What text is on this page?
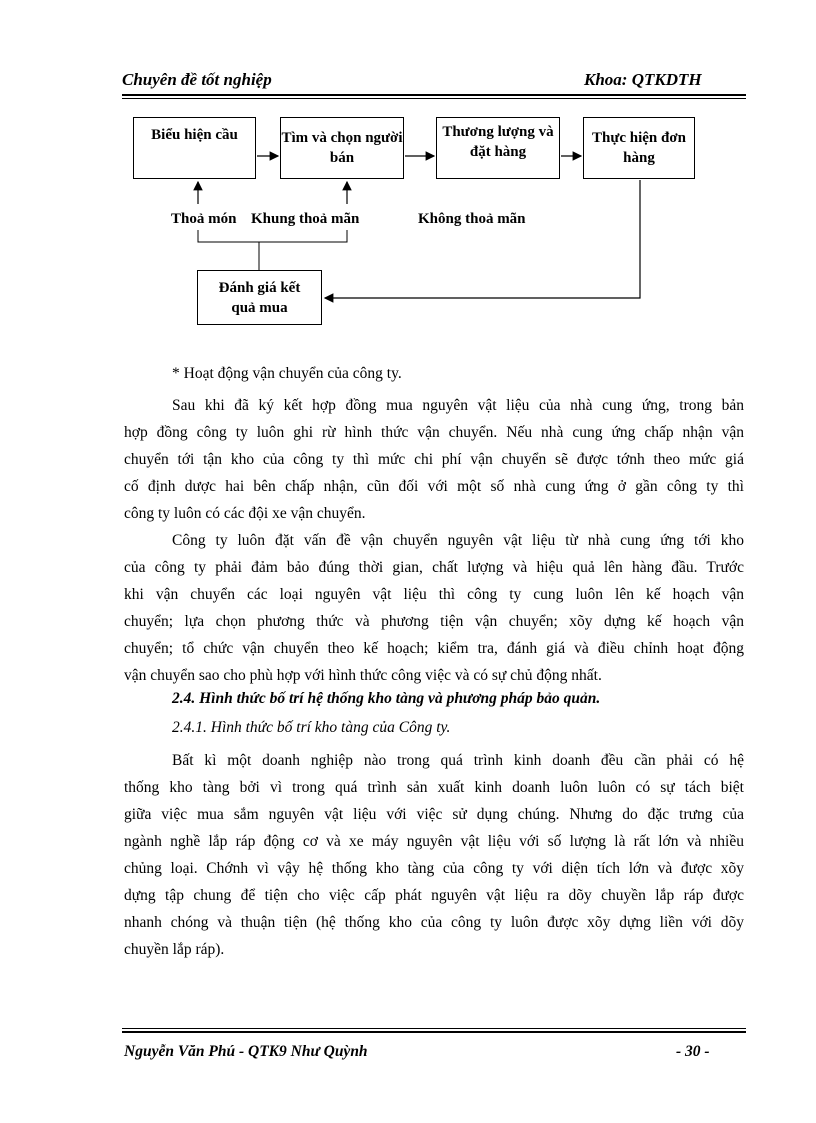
Chuyên đề tốt nghiệp	Khoa: QTKDTH
Biểu hiện cầu	Tìm và chọn người bán
Thương lượng và đặt hàng
Thực hiện đơn hàng
Đánh giá kết quả mua
Thoả món Khung thoả mãn	Không thoả mãn
* Hoạt động vận chuyển của công ty.
Sau khi đã ký kết hợp đồng mua nguyên vật liệu của nhà cung ứng, trong bản
hợp đồng công ty luôn ghi rừ hình thức vận chuyển. Nếu nhà cung ứng chấp nhận vận
chuyển tới tận kho của công ty thì mức chi phí vận chuyển sẽ được tớnh theo mức giá
cố định dược hai bên chấp nhận, cũn đối với một số nhà cung ứng ở gần công ty thì
công ty luôn có các đội xe vận chuyển.
Công ty luôn đặt vấn đề vận chuyển nguyên vật liệu từ nhà cung ứng tới kho
của công ty phải đảm bảo đúng thời gian, chất lượng và hiệu quả lên hàng đầu. Trước
khi vận chuyển các loại nguyên vật liệu thì công ty cung luôn lên kế hoạch vận
chuyển; lựa chọn phương thức và phương tiện vận chuyển; xõy dựng kế hoạch vận
chuyển; tổ chức vận chuyển theo kế hoạch; kiểm tra, đánh giá và điều chỉnh hoạt động
vận chuyển sao cho phù hợp với hình thức công việc và có sự chủ động nhất.
2.4. Hình thức bố trí hệ thống kho tàng và phương pháp bảo quản.
2.4.1. Hình thức bố trí kho tàng của Công ty.
Bất kì một doanh nghiệp nào trong quá trình kinh doanh đều cần phải có hệ
thống kho tàng bởi vì trong quá trình sản xuất kinh doanh luôn luôn có sự tách biệt
giữa việc mua sắm nguyên vật liệu với việc sử dụng chúng. Nhưng do đặc trưng của
ngành nghề lắp ráp động cơ và xe máy nguyên vật liệu với số lượng là rất lớn và nhiều
chủng loại. Chớnh vì vậy hệ thống kho tàng của công ty với diện tích lớn và được xõy
dựng tập chung để tiện cho việc cấp phát nguyên vật liệu ra dõy chuyền lắp ráp được
nhanh chóng và thuận tiện (hệ thống kho của công ty luôn được xõy dựng liền với dõy
chuyền lắp ráp).
Nguyễn Văn Phú - QTK9 Như Quỳnh	- 30 -
